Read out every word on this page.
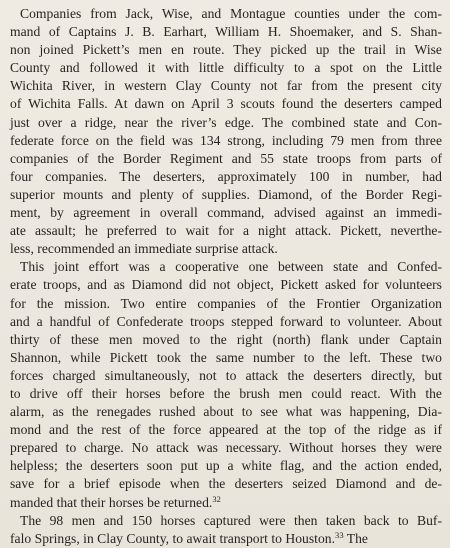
Companies from Jack, Wise, and Montague counties under the com-
mand of Captains J. B. Earhart, William H. Shoemaker, and S. Shan-
non joined Pickett’s men en route. They picked up the trail in Wise
County and followed it with little difficulty to a spot on the Little
Wichita River, in western Clay County not far from the present city
of Wichita Falls. At dawn on April 3 scouts found the deserters camped
just over a ridge, near the river’s edge. The combined state and Con-
federate force on the field was 134 strong, including 79 men from three
companies of the Border Regiment and 55 state troops from parts of
four companies. The deserters, approximately 100 in number, had
superior mounts and plenty of supplies. Diamond, of the Border Regi-
ment, by agreement in overall command, advised against an immedi-
ate assault; he preferred to wait for a night attack. Pickett, neverthe-
less, recommended an immediate surprise attack.
This joint effort was a cooperative one between state and Confed-
erate troops, and as Diamond did not object, Pickett asked for volunteers
for the mission. Two entire companies of the Frontier Organization
and a handful of Confederate troops stepped forward to volunteer. About
thirty of these men moved to the right (north) flank under Captain
Shannon, while Pickett took the same number to the left. These two
forces charged simultaneously, not to attack the deserters directly, but
to drive off their horses before the brush men could react. With the
alarm, as the renegades rushed about to see what was happening, Dia-
mond and the rest of the force appeared at the top of the ridge as if
prepared to charge. No attack was necessary. Without horses they were
helpless; the deserters soon put up a white flag, and the action ended,
save for a brief episode when the deserters seized Diamond and de-
manded that their horses be returned.$^{32}$
The 98 men and 150 horses captured were then taken back to Buf-
falo Springs, in Clay County, to await transport to Houston.$^{33}$ The
